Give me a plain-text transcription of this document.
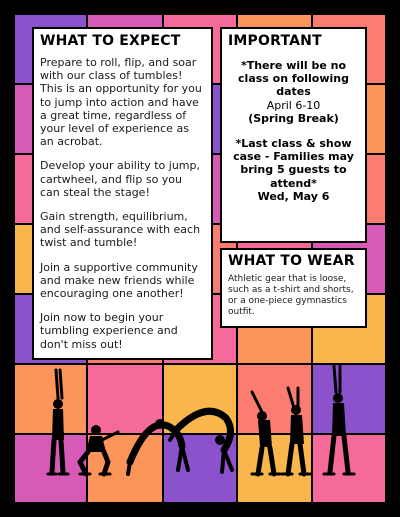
WHAT TO EXPECT

Prepare to roll, flip, and soar with our class of tumbles! This is an opportunity for you to jump into action and have a great time, regardless of your level of experience as an acrobat.

Develop your ability to jump, cartwheel, and flip so you can steal the stage!

Gain strength, equilibrium, and self-assurance with each twist and tumble!

Join a supportive community and make new friends while encouraging one another!

Join now to begin your tumbling experience and don't miss out!

IMPORTANT
*There will be no class on following dates
April 6-10
(Spring Break)
*Last class & show case - Families may bring 5 guests to attend*
Wed, May 6
WHAT TO WEAR
Athletic gear that is loose, such as a t-shirt and shorts, or a one-piece gymnastics outfit.
